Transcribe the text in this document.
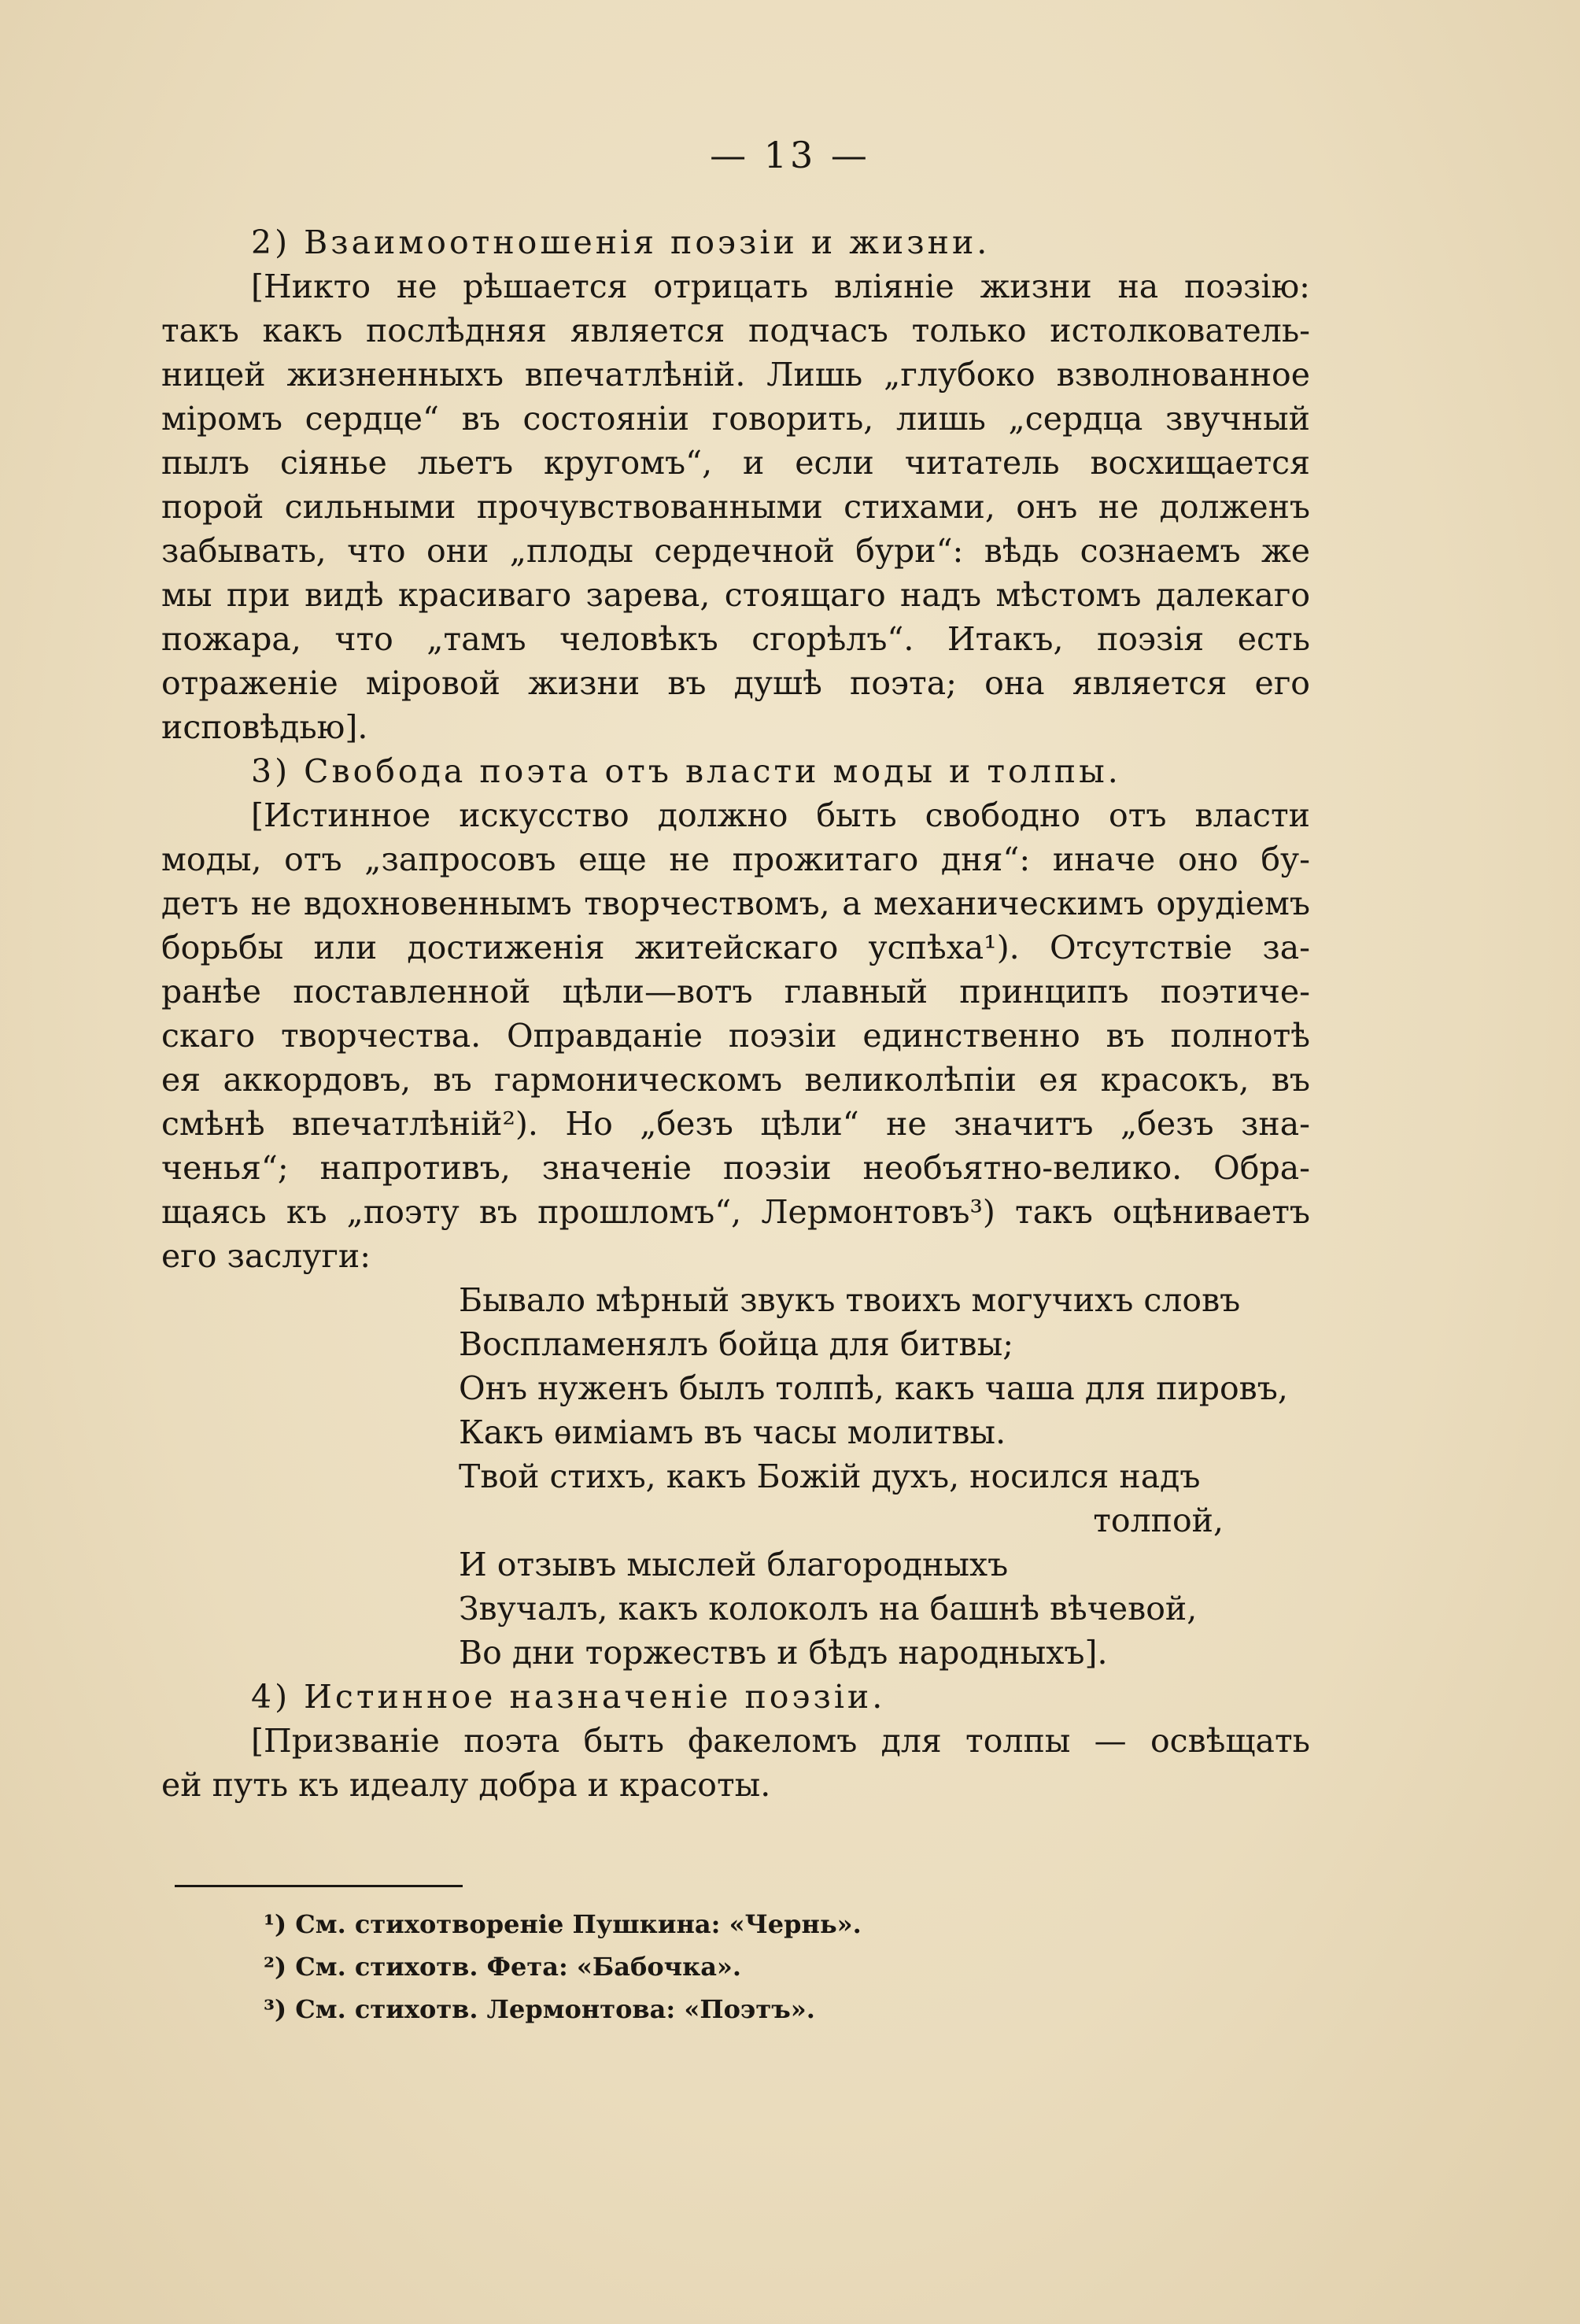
— 13 —
2) Взаимоотношенія поэзіи и жизни.
[Никто не рѣшается отрицать вліяніе жизни на поэзію:
такъ какъ послѣдняя является подчасъ только истолкователь-
ницей жизненныхъ впечатлѣній. Лишь „глубоко взволнованное
міромъ сердце“ въ состояніи говорить, лишь „сердца звучный
пылъ сіянье льетъ кругомъ“, и если читатель восхищается
порой сильными прочувствованными стихами, онъ не долженъ
забывать, что они „плоды сердечной бури“: вѣдь сознаемъ же
мы при видѣ красиваго зарева, стоящаго надъ мѣстомъ далекаго
пожара, что „тамъ человѣкъ сгорѣлъ“. Итакъ, поэзія есть
отраженіе міровой жизни въ душѣ поэта; она является его
исповѣдью].
3) Свобода поэта отъ власти моды и толпы.
[Истинное искусство должно быть свободно отъ власти
моды, отъ „запросовъ еще не прожитаго дня“: иначе оно бу-
детъ не вдохновеннымъ творчествомъ, а механическимъ орудіемъ
борьбы или достиженія житейскаго успѣха¹). Отсутствіе за-
ранѣе поставленной цѣли—вотъ главный принципъ поэтиче-
скаго творчества. Оправданіе поэзіи единственно въ полнотѣ
ея аккордовъ, въ гармоническомъ великолѣпіи ея красокъ, въ
смѣнѣ впечатлѣній²). Но „безъ цѣли“ не значитъ „безъ зна-
ченья“; напротивъ, значеніе поэзіи необъятно-велико. Обра-
щаясь къ „поэту въ прошломъ“, Лермонтовъ³) такъ оцѣниваетъ
его заслуги:
Бывало мѣрный звукъ твоихъ могучихъ словъ
Воспламенялъ бойца для битвы;
Онъ нуженъ былъ толпѣ, какъ чаша для пировъ,
Какъ ѳиміамъ въ часы молитвы.
Твой стихъ, какъ Божій духъ, носился надъ
толпой,
И отзывъ мыслей благородныхъ
Звучалъ, какъ колоколъ на башнѣ вѣчевой,
Во дни торжествъ и бѣдъ народныхъ].
4) Истинное назначеніе поэзіи.
[Призваніе поэта быть факеломъ для толпы — освѣщать
ей путь къ идеалу добра и красоты.
¹) См. стихотвореніе Пушкина: «Чернь».
²) См. стихотв. Фета: «Бабочка».
³) См. стихотв. Лермонтова: «Поэтъ».
